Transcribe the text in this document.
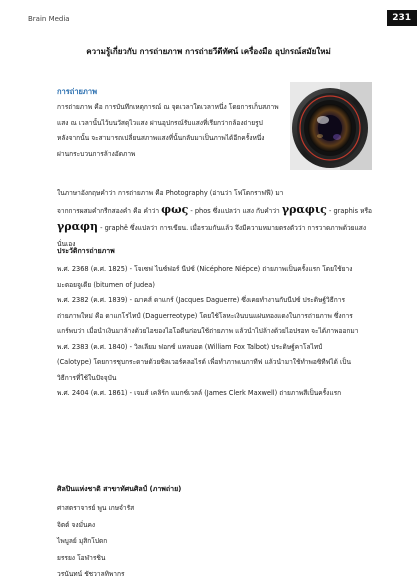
Brain Media	231
ความรู้เกี่ยวกับ การถ่ายภาพ การถ่ายวีดีทัศน์ เครื่องมือ อุปกรณ์สมัยใหม่
การถ่ายภาพ
การถ่ายภาพ คือ การบันทึกเหตุการณ์ ณ จุดเวลาใดเวลาหนึ่ง โดยการเก็บสภาพ
แสง ณ เวลานั้นไว้บนวัสดุไวแสง ผ่านอุปกรณ์รับแสงที่เรียกว่ากล้องถ่ายรูป
หลังจากนั้น จะสามารถเปลี่ยนสภาพแสงที่นั้นกลับมาเป็นภาพได้อีกครั้งหนึ่ง
ผ่านกระบวนการล้างอัดภาพ
ในภาษาอังกฤษคำว่า การถ่ายภาพ คือ Photography (อ่านว่า โฟโตกราฟฟี) มา
จากการผสมคำกรีกสองคำ คือ คำว่า φως - phos ซึ่งแปลว่า แสง กับคำว่า γραφις - graphis หรือ
γραφη - graphê ซึ่งแปลว่า การเขียน. เมื่อรวมกันแล้ว จึงมีความหมายตรงตัวว่า การวาดภาพด้วยแสง
นั่นเอง
ประวัติการถ่ายภาพ
พ.ศ. 2368 (ค.ศ. 1825) - โจเซฟ ไนซ์ฟอร์ นีปซ์ (Nicéphore Niépce) ถ่ายภาพเป็นครั้งแรก โดยใช้ยาง
มะตอยจูเดีย (bitumen of Judea)
พ.ศ. 2382 (ค.ศ. 1839) - ฌาคส์ ดาแกร์ (Jacques Daguerre) ซึ่งเคยทำงานกับนีปซ์ ประดิษฐ์วิธีการ
ถ่ายภาพใหม่ คือ ดาแกโรไทป์ (Daguerreotype) โดยใช้โลหะเงินบนแผ่นทองแดงในการถ่ายภาพ ซึ่งการ
แกร์พบว่า เมื่อนำเงินมาล้างด้วยไอของไอโอดีนก่อนใช้ถ่ายภาพ แล้วนำไปล้างด้วยไอปรอท จะได้ภาพออกมา
พ.ศ. 2383 (ค.ศ. 1840) - วิลเลียม ฟอกซ์ แทลบอต (William Fox Talbot) ประดิษฐ์คาโลไทป์
(Calotype) โดยการชุบกระดาษด้วยซิลเวอร์คลอไรด์ เพื่อทำภาพเนกาทีฟ แล้วนำมาใช้ทำพอซิทีฟได้ เป็น
วิธีการที่ใช้ในปัจจุบัน
พ.ศ. 2404 (ค.ศ. 1861) - เจมส์ เคลิร์ก แมกซ์เวลล์ (James Clerk Maxwell) ถ่ายภาพสีเป็นครั้งแรก
ศิลปินแห่งชาติ สาขาทัศนศิลป์ (ภาพถ่าย)
ศาสตราจารย์ พูน เกษจำรัส
จิตต์ จงมั่นคง
ไพบูลย์ มุสิกโปดก
ยรรยง โอฬารชิน
วรนันทน์ ชัชวาลทิพากร
